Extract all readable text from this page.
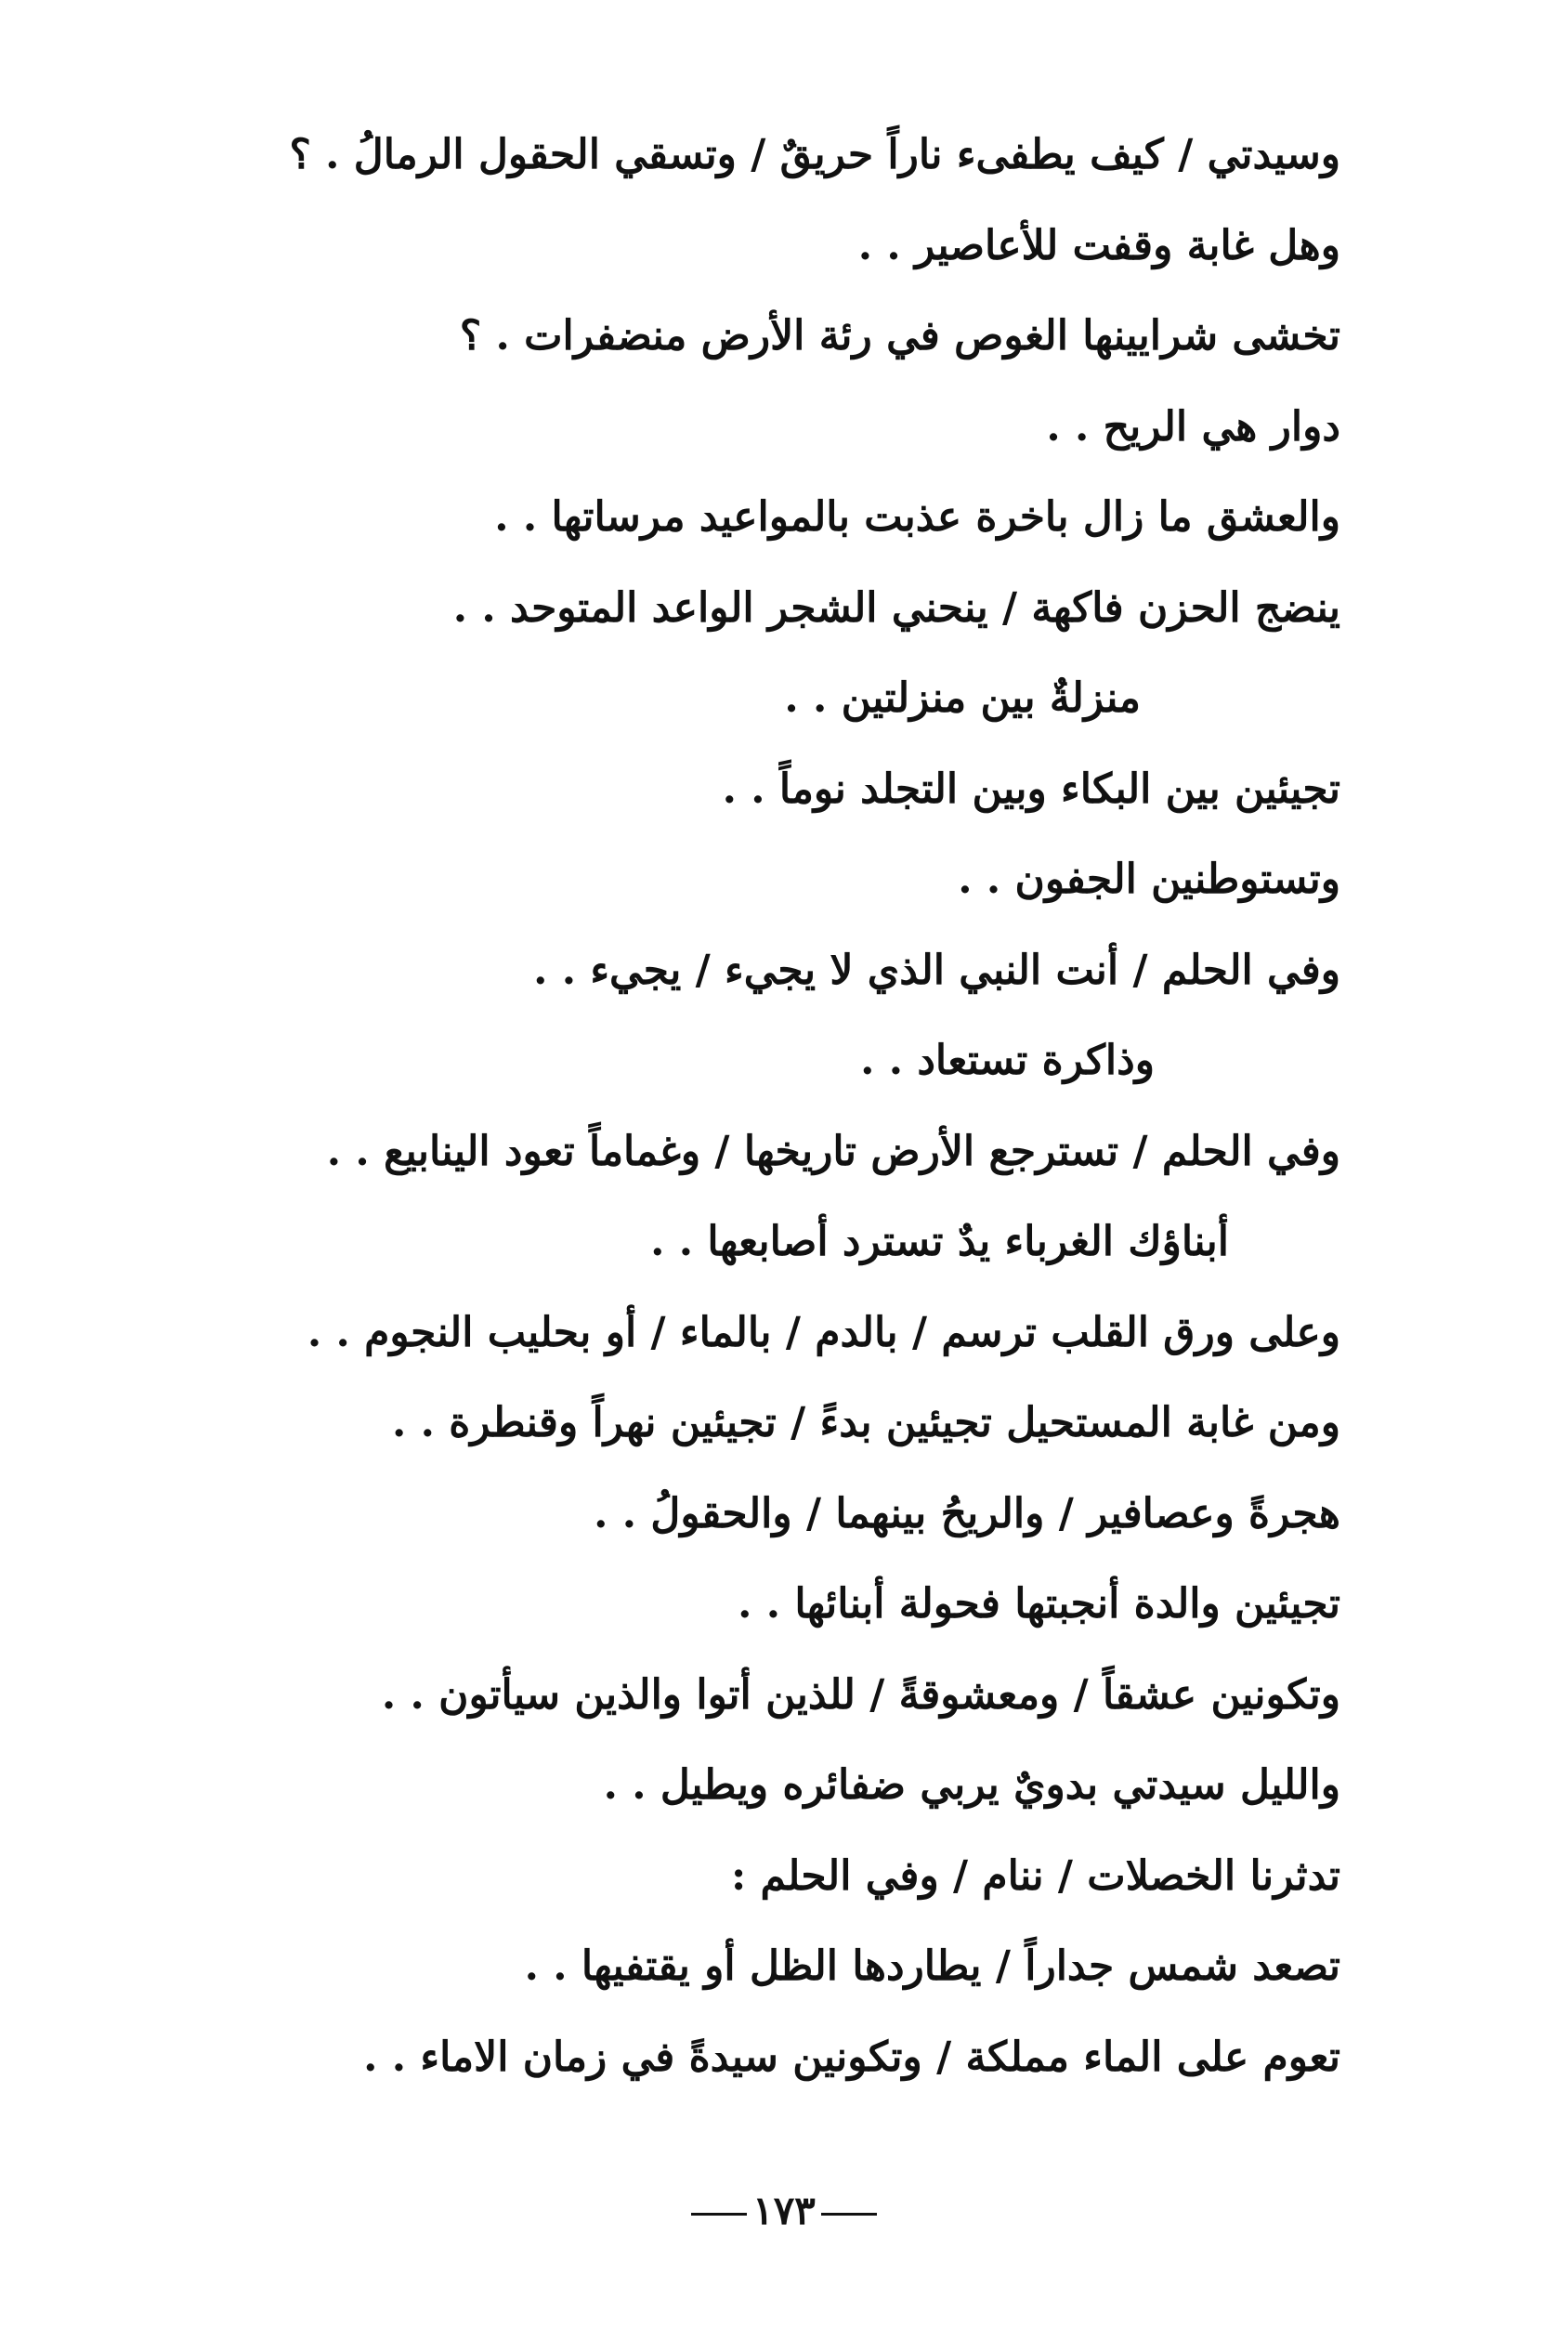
وسيدتي / كيف يطفىء ناراً حريقٌ / وتسقي الحقول الرمالُ . ؟
وهل غابة وقفت للأعاصير . .
تخشى شرايينها الغوص في رئة الأرض منضفرات . ؟
دوار هي الريح . .
والعشق ما زال باخرة عذبت بالمواعيد مرساتها . .
ينضج الحزن فاكهة / ينحني الشجر الواعد المتوحد . .
منزلةٌ بين منزلتين . .
تجيئين بين البكاء وبين التجلد نوماً . .
وتستوطنين الجفون . .
وفي الحلم / أنت النبي الذي لا يجيء / يجيء . .
وذاكرة تستعاد . .
وفي الحلم / تسترجع الأرض تاريخها / وغماماً تعود الينابيع . .
أبناؤك الغرباء يدٌ تسترد أصابعها . .
وعلى ورق القلب ترسم / بالدم / بالماء / أو بحليب النجوم . .
ومن غابة المستحيل تجيئين بدءً / تجيئين نهراً وقنطرة . .
هجرةً وعصافير / والريحُ بينهما / والحقولُ . .
تجيئين والدة أنجبتها فحولة أبنائها . .
وتكونين عشقاً / ومعشوقةً / للذين أتوا والذين سيأتون . .
والليل سيدتي بدويٌ يربي ضفائره ويطيل . .
تدثرنا الخصلات / ننام / وفي الحلم :
تصعد شمس جداراً / يطاردها الظل أو يقتفيها . .
تعوم على الماء مملكة / وتكونين سيدةً في زمان الاماء . .
١٧٣
